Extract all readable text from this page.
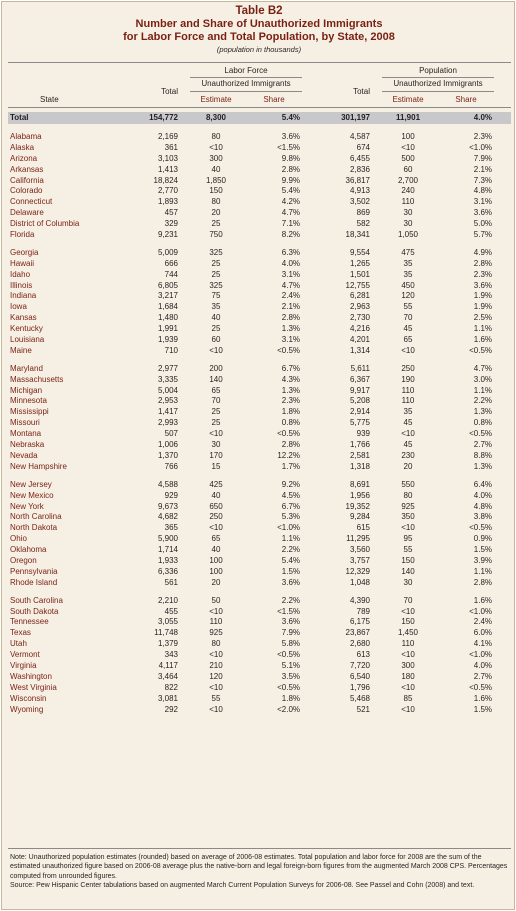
Table B2
Number and Share of Unauthorized Immigrants
for Labor Force and Total Population, by State, 2008
(population in thousands)
Labor Force	Population
Unauthorized Immigrants	Unauthorized Immigrants
State
Total
Estimate	Share
Total
Estimate	Share
Total	154,772	8,300	5.4%	301,197	11,901	4.0%
Alabama	2,169	80	3.6%	4,587	100	2.3%
Alaska	361	<10	<1.5%	674	<10	<1.0%
Arizona	3,103	300	9.8%	6,455	500	7.9%
Arkansas	1,413	40	2.8%	2,836	60	2.1%
California	18,824	1,850	9.9%	36,817	2,700	7.3%
Colorado	2,770	150	5.4%	4,913	240	4.8%
Connecticut	1,893	80	4.2%	3,502	110	3.1%
Delaware	457	20	4.7%	869	30	3.6%
District of Columbia	329	25	7.1%	582	30	5.0%
Florida	9,231	750	8.2%	18,341	1,050	5.7%
Georgia	5,009	325	6.3%	9,554	475	4.9%
Hawaii	666	25	4.0%	1,265	35	2.8%
Idaho	744	25	3.1%	1,501	35	2.3%
Illinois	6,805	325	4.7%	12,755	450	3.6%
Indiana	3,217	75	2.4%	6,281	120	1.9%
Iowa	1,684	35	2.1%	2,963	55	1.9%
Kansas	1,480	40	2.8%	2,730	70	2.5%
Kentucky	1,991	25	1.3%	4,216	45	1.1%
Louisiana	1,939	60	3.1%	4,201	65	1.6%
Maine	710	<10	<0.5%	1,314	<10	<0.5%
Maryland	2,977	200	6.7%	5,611	250	4.7%
Massachusetts	3,335	140	4.3%	6,367	190	3.0%
Michigan	5,004	65	1.3%	9,917	110	1.1%
Minnesota	2,953	70	2.3%	5,208	110	2.2%
Mississippi	1,417	25	1.8%	2,914	35	1.3%
Missouri	2,993	25	0.8%	5,775	45	0.8%
Montana	507	<10	<0.5%	939	<10	<0.5%
Nebraska	1,006	30	2.8%	1,766	45	2.7%
Nevada	1,370	170	12.2%	2,581	230	8.8%
New Hampshire	766	15	1.7%	1,318	20	1.3%
New Jersey	4,588	425	9.2%	8,691	550	6.4%
New Mexico	929	40	4.5%	1,956	80	4.0%
New York	9,673	650	6.7%	19,352	925	4.8%
North Carolina	4,682	250	5.3%	9,284	350	3.8%
North Dakota	365	<10	<1.0%	615	<10	<0.5%
Ohio	5,900	65	1.1%	11,295	95	0.9%
Oklahoma	1,714	40	2.2%	3,560	55	1.5%
Oregon	1,933	100	5.4%	3,757	150	3.9%
Pennsylvania	6,336	100	1.5%	12,329	140	1.1%
Rhode Island	561	20	3.6%	1,048	30	2.8%
South Carolina	2,210	50	2.2%	4,390	70	1.6%
South Dakota	455	<10	<1.5%	789	<10	<1.0%
Tennessee	3,055	110	3.6%	6,175	150	2.4%
Texas	11,748	925	7.9%	23,867	1,450	6.0%
Utah	1,379	80	5.8%	2,680	110	4.1%
Vermont	343	<10	<0.5%	613	<10	<1.0%
Virginia	4,117	210	5.1%	7,720	300	4.0%
Washington	3,464	120	3.5%	6,540	180	2.7%
West Virginia	822	<10	<0.5%	1,796	<10	<0.5%
Wisconsin	3,081	55	1.8%	5,468	85	1.6%
Wyoming	292	<10	<2.0%	521	<10	1.5%
Note: Unauthorized population estimates (rounded) based on average of 2006-08 estimates. Total population and labor force for 2008 are the sum of the estimated unauthorized figure based on 2006-08 average plus the native-born and legal foreign-born figures from the augmented March 2008 CPS. Percentages computed from unrounded figures.
Source: Pew Hispanic Center tabulations based on augmented March Current Population Surveys for 2006-08. See Passel and Cohn (2008) and text.
